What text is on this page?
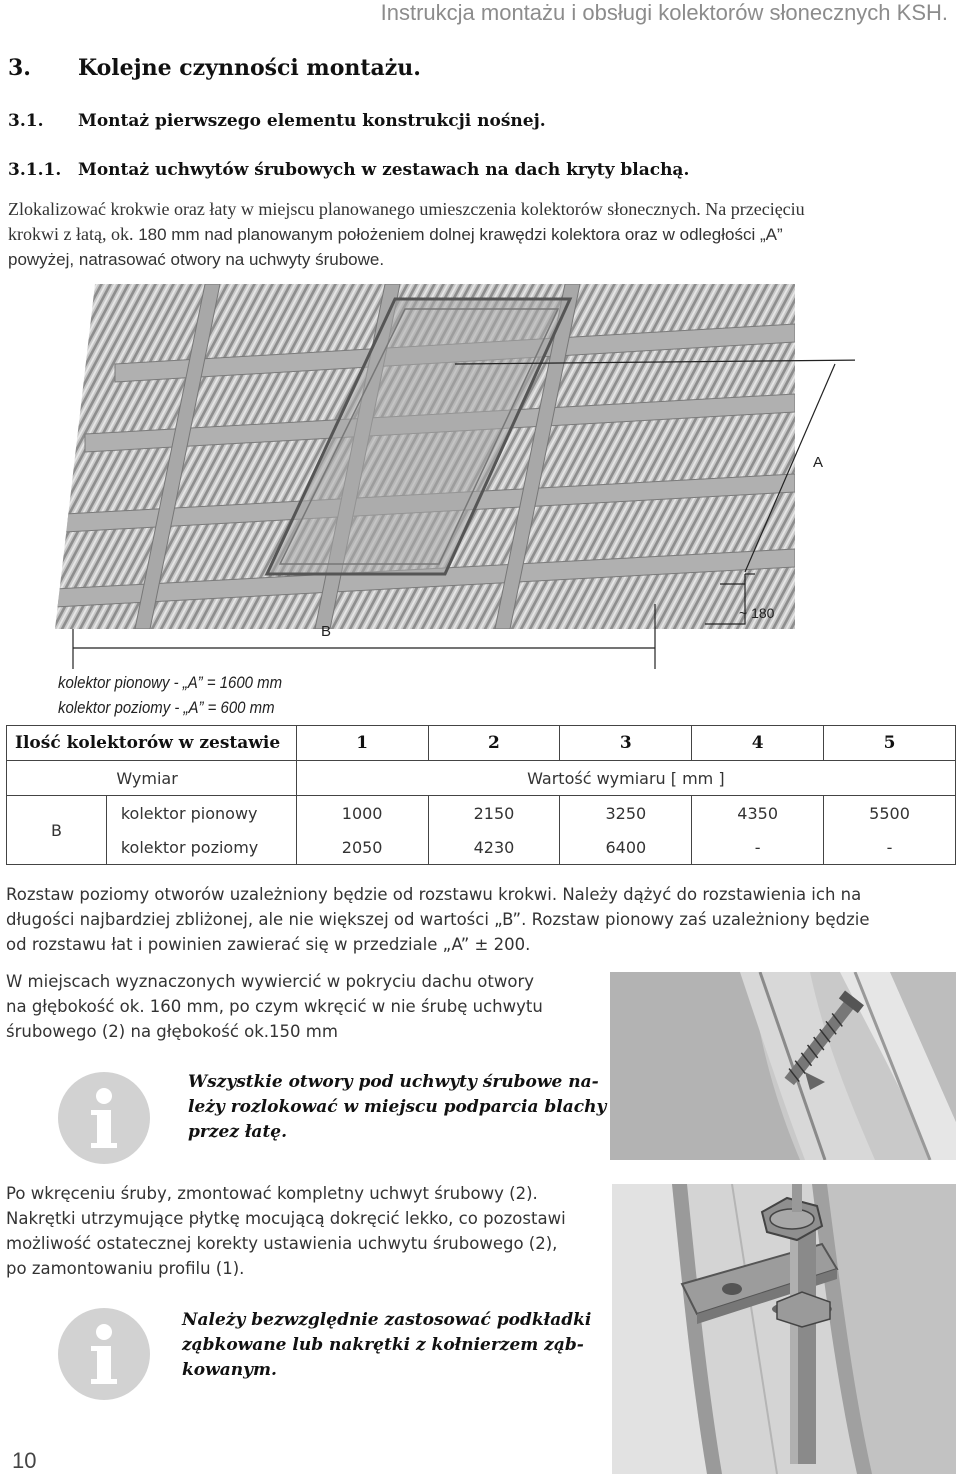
Instrukcja montażu i obsługi kolektorów słonecznych KSH.
3. Kolejne czynności montażu.
3.1. Montaż pierwszego elementu konstrukcji nośnej.
3.1.1. Montaż uchwytów śrubowych w zestawach na dach kryty blachą.
Zlokalizować krokwie oraz łaty w miejscu planowanego umieszczenia kolektorów słonecznych. Na przecięciu
krokwi z łatą, ok. 180 mm nad planowanym położeniem dolnej krawędzi kolektora oraz w odległości „A”
powyżej, natrasować otwory na uchwyty śrubowe.
A
B
~ 180
kolektor pionowy - „A” = 1600 mm
kolektor poziomy - „A” = 600 mm
Ilość kolektorów w zestawie		1	2	3	4	5
	Wymiar	Wartość wymiaru [ mm ]				
B	kolektor pionowy	1000	2150	3250	4350	5500
	kolektor poziomy	2050	4230	6400	-	-
Rozstaw poziomy otworów uzależniony będzie od rozstawu krokwi. Należy dążyć do rozstawienia ich na
długości najbardziej zbliżonej, ale nie większej od wartości „B”. Rozstaw pionowy zaś uzależniony będzie
od rozstawu łat i powinien zawierać się w przedziale „A” ± 200.
W miejscach wyznaczonych wywiercić w pokryciu dachu otwory
na głębokość ok. 160 mm, po czym wkręcić w nie śrubę uchwytu
śrubowego (2) na głębokość ok.150 mm
Wszystkie otwory pod uchwyty śrubowe na-
leży rozlokować w miejscu podparcia blachy
przez łatę.
Po wkręceniu śruby, zmontować kompletny uchwyt śrubowy (2).
Nakrętki utrzymujące płytkę mocującą dokręcić lekko, co pozostawi
możliwość ostatecznej korekty ustawienia uchwytu śrubowego (2),
po zamontowaniu profilu (1).
Należy bezwzględnie zastosować podkładki
ząbkowane lub nakrętki z kołnierzem ząb-
kowanym.
10
